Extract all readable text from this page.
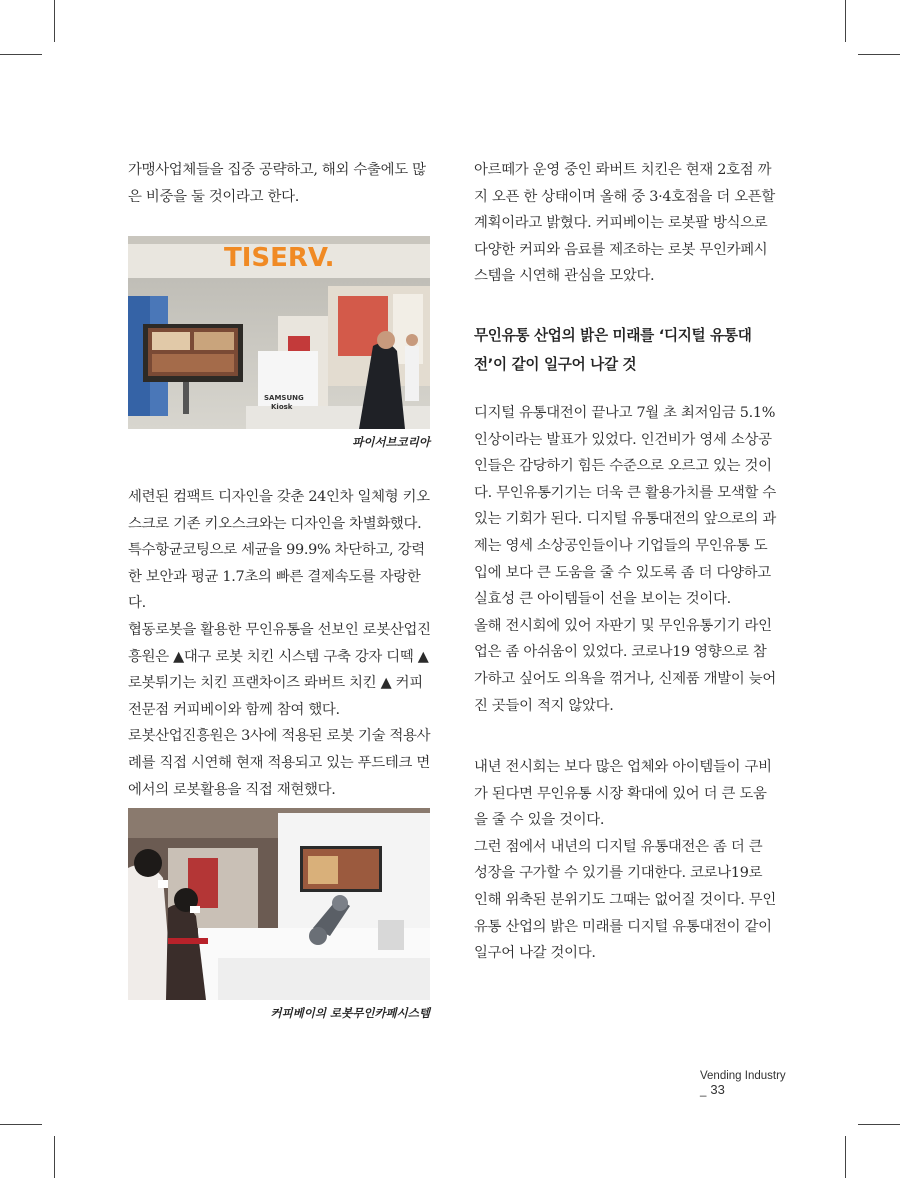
가맹사업체들을 집중 공략하고, 해외 수출에도 많은 비중을 둘 것이라고 한다.

TISERV.
SAMSUNG
Kiosk
파이서브코리아

세련된 컴팩트 디자인을 갖춘 24인차 일체형 키오스크로 기존 키오스크와는 디자인을 차별화했다. 특수항균코팅으로 세균을 99.9% 차단하고, 강력한 보안과 평균 1.7초의 빠른 결제속도를 자랑한다.

협동로봇을 활용한 무인유통을 선보인 로봇산업진흥원은 ▲대구 로봇 치킨 시스템 구축 강자 디떽 ▲로봇튀기는 치킨 프랜차이즈 롸버트 치킨 ▲ 커피전문점 커피베이와 함께 참여 했다.

로봇산업진흥원은 3사에 적용된 로봇 기술 적용사례를 직접 시연해 현재 적용되고 있는 푸드테크 면에서의 로봇활용을 직접 재현했다.

커피베이의 로봇무인카페시스템

아르떼가 운영 중인 롸버트 치킨은 현재 2호점 까지 오픈 한 상태이며 올해 중 3·4호점을 더 오픈할 계획이라고 밝혔다. 커피베이는 로봇팔 방식으로 다양한 커피와 음료를 제조하는 로봇 무인카페시스템을 시연해 관심을 모았다.

무인유통 산업의 밝은 미래를 ‘디지털 유통대전’이 같이 일구어 나갈 것

디지털 유통대전이 끝나고 7월 초 최저임금 5.1% 인상이라는 발표가 있었다. 인건비가 영세 소상공인들은 감당하기 힘든 수준으로 오르고 있는 것이다. 무인유통기기는 더욱 큰 활용가치를 모색할 수 있는 기회가 된다. 디지털 유통대전의 앞으로의 과제는 영세 소상공인들이나 기업들의 무인유통 도입에 보다 큰 도움을 줄 수 있도록 좀 더 다양하고 실효성 큰 아이템들이 선을 보이는 것이다.

올해 전시회에 있어 자판기 및 무인유통기기 라인업은 좀 아쉬움이 있었다. 코로나19 영향으로 참가하고 싶어도 의욕을 꺾거나, 신제품 개발이 늦어진 곳들이 적지 않았다.

내년 전시회는 보다 많은 업체와 아이템들이 구비가 된다면 무인유통 시장 확대에 있어 더 큰 도움을 줄 수 있을 것이다.

그런 점에서 내년의 디지털 유통대전은 좀 더 큰 성장을 구가할 수 있기를 기대한다. 코로나19로 인해 위축된 분위기도 그때는 없어질 것이다. 무인유통 산업의 밝은 미래를 디지털 유통대전이 같이 일구어 나갈 것이다.

Vending Industry _ 33
